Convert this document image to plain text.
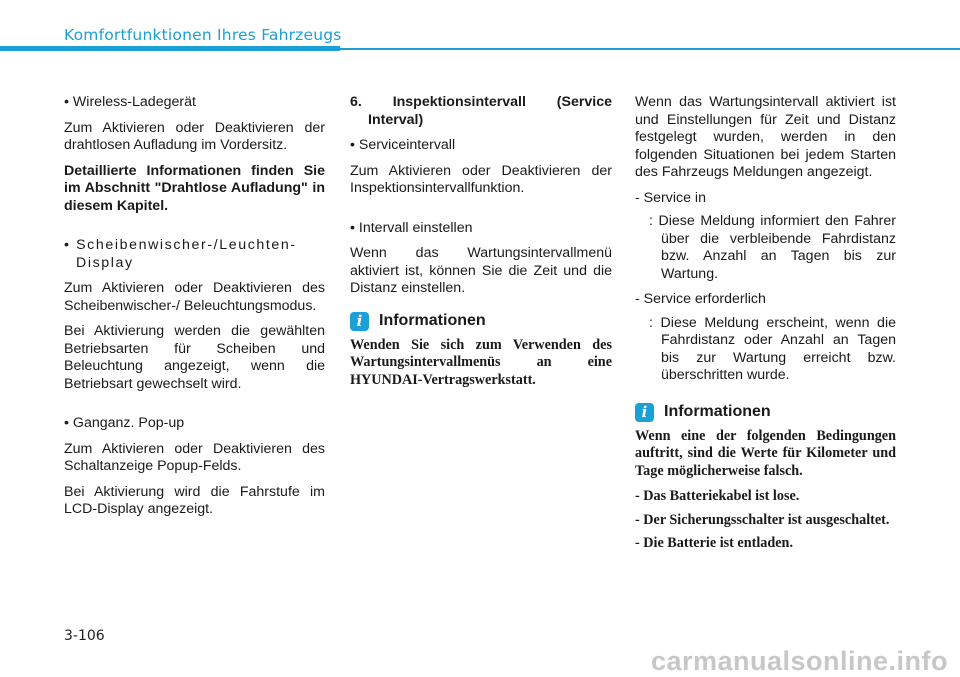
Komfortfunktionen Ihres Fahrzeugs

• Wireless-Ladegerät

Zum Aktivieren oder Deaktivieren der drahtlosen Aufladung im Vordersitz.

Detaillierte Informationen finden Sie im Abschnitt "Drahtlose Aufladung" in diesem Kapitel.

• Scheibenwischer-/Leuchten-Display

Zum Aktivieren oder Deaktivieren des Scheibenwischer-/ Beleuchtungsmodus.

Bei Aktivierung werden die gewählten Betriebsarten für Scheiben und Beleuchtung angezeigt, wenn die Betriebsart gewechselt wird.

• Ganganz. Pop-up

Zum Aktivieren oder Deaktivieren des Schaltanzeige Popup-Felds.

Bei Aktivierung wird die Fahrstufe im LCD-Display angezeigt.

6. Inspektionsintervall (Service Interval)

• Serviceintervall

Zum Aktivieren oder Deaktivieren der Inspektionsintervallfunktion.

• Intervall einstellen

Wenn das Wartungsintervallmenü aktiviert ist, können Sie die Zeit und die Distanz einstellen.

i	Informationen

Wenden Sie sich zum Verwenden des Wartungsintervallmenüs an eine HYUNDAI-Vertragswerkstatt.

Wenn das Wartungsintervall aktiviert ist und Einstellungen für Zeit und Distanz festgelegt wurden, werden in den folgenden Situationen bei jedem Starten des Fahrzeugs Meldungen angezeigt.

- Service in

: Diese Meldung informiert den Fahrer über die verbleibende Fahrdistanz bzw. Anzahl an Tagen bis zur Wartung.

- Service erforderlich

: Diese Meldung erscheint, wenn die Fahrdistanz oder Anzahl an Tagen bis zur Wartung erreicht bzw. überschritten wurde.

i	Informationen

Wenn eine der folgenden Bedingungen auftritt, sind die Werte für Kilometer und Tage möglicherweise falsch.

- Das Batteriekabel ist lose.

- Der Sicherungsschalter ist ausgeschaltet.

- Die Batterie ist entladen.

3-106
carmanualsonline.info
